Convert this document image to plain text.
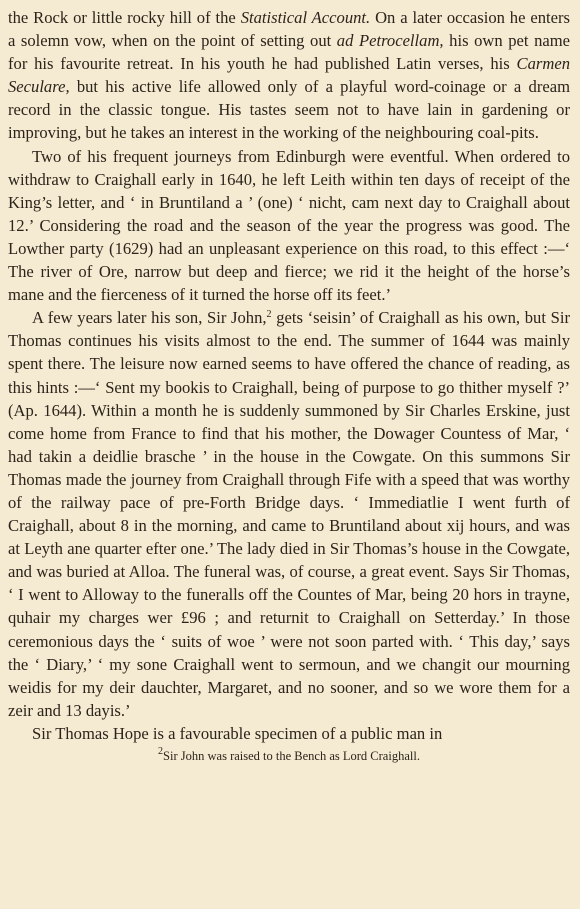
the Rock or little rocky hill of the Statistical Account. On a later occasion he enters a solemn vow, when on the point of setting out ad Petrocellam, his own pet name for his favourite retreat. In his youth he had published Latin verses, his Carmen Seculare, but his active life allowed only of a playful word-coinage or a dream record in the classic tongue. His tastes seem not to have lain in gardening or improving, but he takes an interest in the working of the neighbouring coal-pits.

Two of his frequent journeys from Edinburgh were eventful. When ordered to withdraw to Craighall early in 1640, he left Leith within ten days of receipt of the King’s letter, and ‘ in Bruntiland a ’ (one) ‘ nicht, cam next day to Craighall about 12.’ Considering the road and the season of the year the progress was good. The Lowther party (1629) had an unpleasant experience on this road, to this effect :—‘ The river of Ore, narrow but deep and fierce; we rid it the height of the horse’s mane and the fierceness of it turned the horse off its feet.’

A few years later his son, Sir John,$^2$ gets ‘seisin’ of Craighall as his own, but Sir Thomas continues his visits almost to the end. The summer of 1644 was mainly spent there. The leisure now earned seems to have offered the chance of reading, as this hints :—‘ Sent my bookis to Craighall, being of purpose to go thither myself ?’ (Ap. 1644). Within a month he is suddenly summoned by Sir Charles Erskine, just come home from France to find that his mother, the Dowager Countess of Mar, ‘ had takin a deidlie brasche ’ in the house in the Cowgate. On this summons Sir Thomas made the journey from Craighall through Fife with a speed that was worthy of the railway pace of pre-Forth Bridge days. ‘ Immediatlie I went furth of Craighall, about 8 in the morning, and came to Bruntiland about xij hours, and was at Leyth ane quarter efter one.’ The lady died in Sir Thomas’s house in the Cowgate, and was buried at Alloa. The funeral was, of course, a great event. Says Sir Thomas, ‘ I went to Alloway to the funeralls off the Countes of Mar, being 20 hors in trayne, quhair my charges wer £96 ; and returnit to Craighall on Setterday.’ In those ceremonious days the ‘ suits of woe ’ were not soon parted with. ‘ This day,’ says the ‘ Diary,’ ‘ my sone Craighall went to sermoun, and we changit our mourning weidis for my deir dauchter, Margaret, and no sooner, and so we wore them for a zeir and 13 dayis.’

Sir Thomas Hope is a favourable specimen of a public man in

$^2$Sir John was raised to the Bench as Lord Craighall.
